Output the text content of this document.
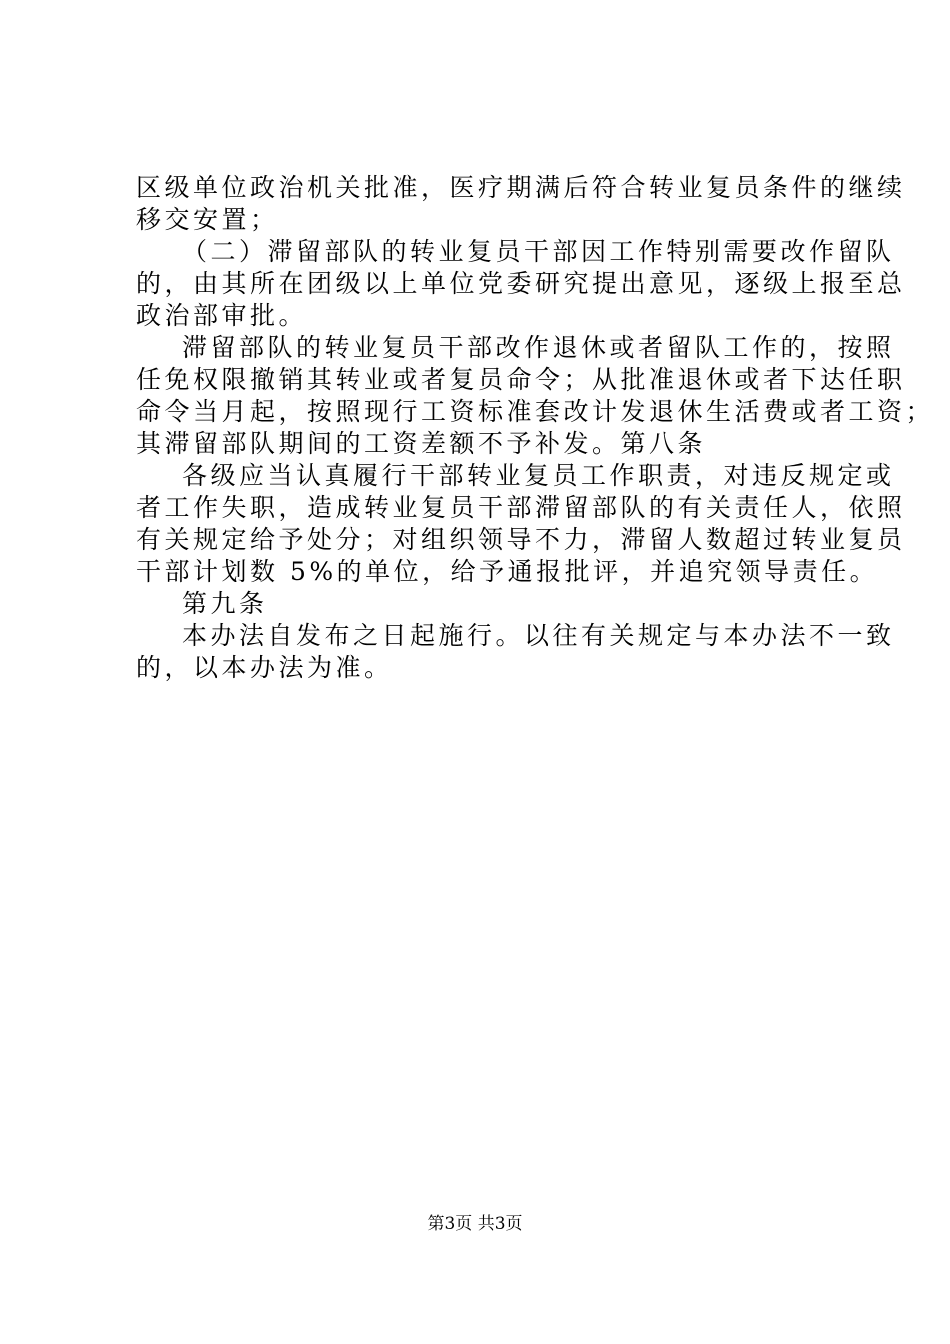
区级单位政治机关批准，医疗期满后符合转业复员条件的继续
移交安置；
（二）滞留部队的转业复员干部因工作特别需要改作留队
的，由其所在团级以上单位党委研究提出意见，逐级上报至总
政治部审批。
滞留部队的转业复员干部改作退休或者留队工作的，按照
任免权限撤销其转业或者复员命令；从批准退休或者下达任职
命令当月起，按照现行工资标准套改计发退休生活费或者工资；
其滞留部队期间的工资差额不予补发。第八条
各级应当认真履行干部转业复员工作职责，对违反规定或
者工作失职，造成转业复员干部滞留部队的有关责任人，依照
有关规定给予处分；对组织领导不力，滞留人数超过转业复员
干部计划数 5%的单位，给予通报批评，并追究领导责任。
第九条
本办法自发布之日起施行。以往有关规定与本办法不一致
的，以本办法为准。
第3页 共3页
